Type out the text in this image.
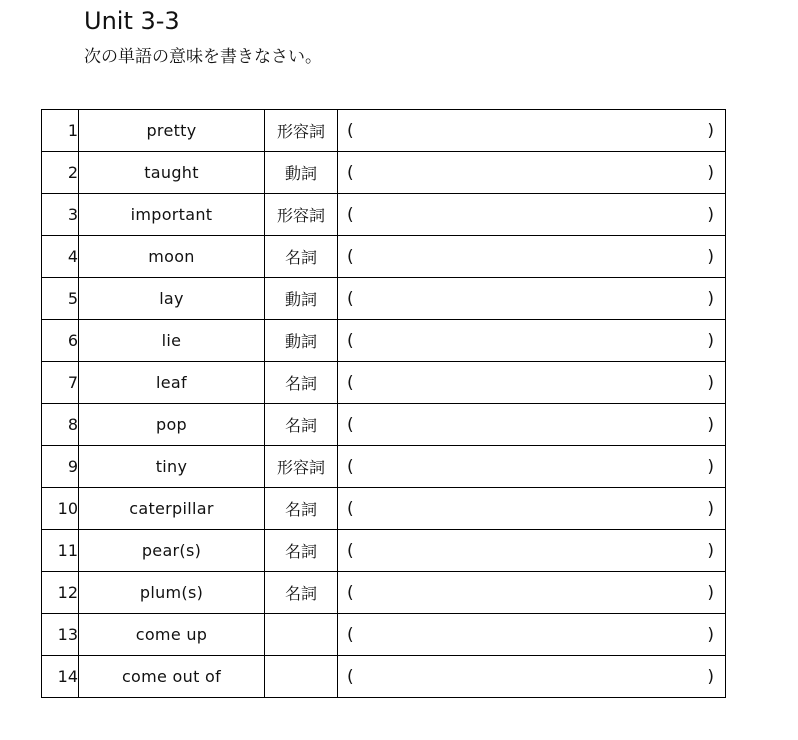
Unit 3-3
次の単語の意味を書きなさい。
1	pretty	形容詞	( )

2	taught	動詞	( )

3	important	形容詞	( )

4	moon	名詞	( )

5	lay	動詞	( )

6	lie	動詞	( )

7	leaf	名詞	( )

8	pop	名詞	( )

9	tiny	形容詞	( )

10	caterpillar	名詞	( )

11	pear(s)	名詞	( )

12	plum(s)	名詞	( )

13	come up		( )

14	come out of		( )
